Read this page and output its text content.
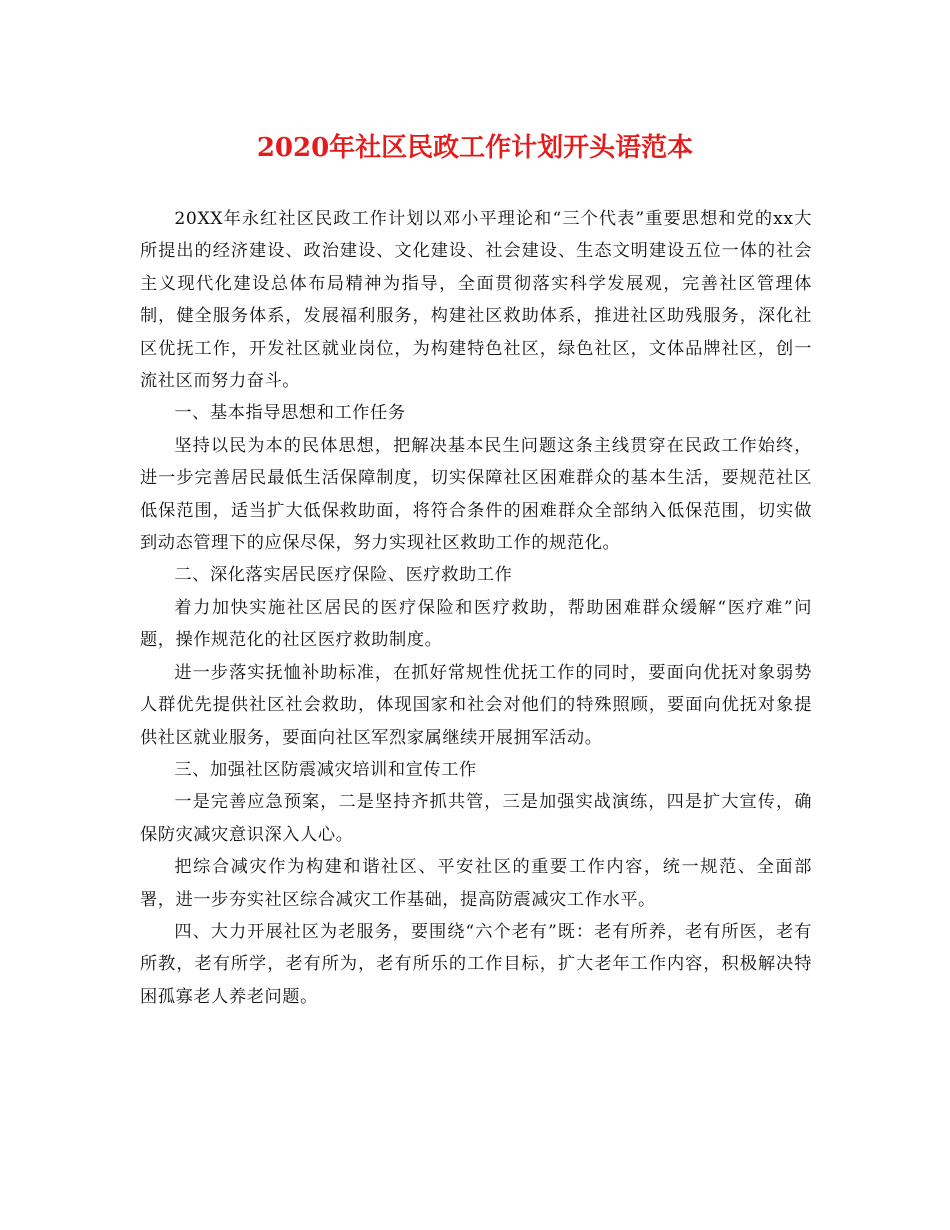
2020年社区民政工作计划开头语范本

20XX年永红社区民政工作计划以邓小平理论和“三个代表”重要思想和党的xx大所提出的经济建设、政治建设、文化建设、社会建设、生态文明建设五位一体的社会主义现代化建设总体布局精神为指导，全面贯彻落实科学发展观，完善社区管理体制，健全服务体系，发展福利服务，构建社区救助体系，推进社区助残服务，深化社区优抚工作，开发社区就业岗位，为构建特色社区，绿色社区，文体品牌社区，创一流社区而努力奋斗。

一、基本指导思想和工作任务

坚持以民为本的民体思想，把解决基本民生问题这条主线贯穿在民政工作始终，进一步完善居民最低生活保障制度，切实保障社区困难群众的基本生活，要规范社区低保范围，适当扩大低保救助面，将符合条件的困难群众全部纳入低保范围，切实做到动态管理下的应保尽保，努力实现社区救助工作的规范化。

二、深化落实居民医疗保险、医疗救助工作

着力加快实施社区居民的医疗保险和医疗救助，帮助困难群众缓解“医疗难”问题，操作规范化的社区医疗救助制度。

进一步落实抚恤补助标准，在抓好常规性优抚工作的同时，要面向优抚对象弱势人群优先提供社区社会救助，体现国家和社会对他们的特殊照顾，要面向优抚对象提供社区就业服务，要面向社区军烈家属继续开展拥军活动。

三、加强社区防震减灾培训和宣传工作

一是完善应急预案，二是坚持齐抓共管，三是加强实战演练，四是扩大宣传，确保防灾减灾意识深入人心。

把综合减灾作为构建和谐社区、平安社区的重要工作内容，统一规范、全面部署，进一步夯实社区综合减灾工作基础，提高防震减灾工作水平。

四、大力开展社区为老服务，要围绕“六个老有”既：老有所养，老有所医，老有所教，老有所学，老有所为，老有所乐的工作目标，扩大老年工作内容，积极解决特困孤寡老人养老问题。
